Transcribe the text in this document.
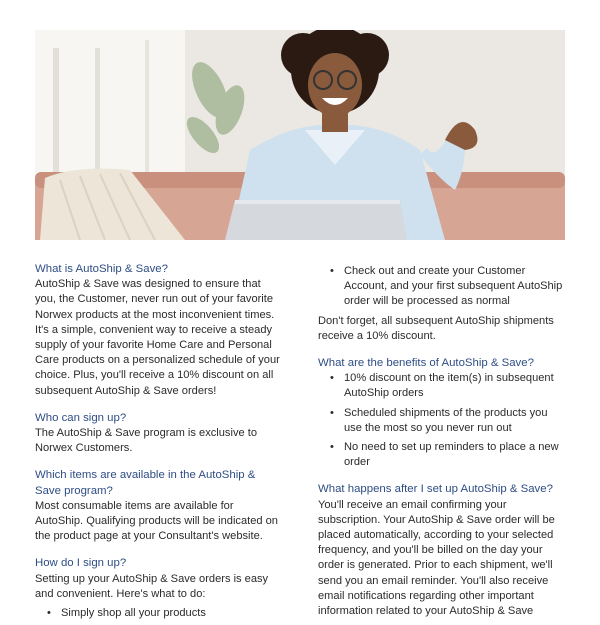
What is AutoShip & Save?

AutoShip & Save was designed to ensure that you, the Customer, never run out of your favorite Norwex products at the most inconvenient times. It's a simple, convenient way to receive a steady supply of your favorite Home Care and Personal Care products on a personalized schedule of your choice. Plus, you'll receive a 10% discount on all subsequent AutoShip & Save orders!

Who can sign up?

The AutoShip & Save program is exclusive to Norwex Customers.

Which items are available in the AutoShip & Save program?

Most consumable items are available for AutoShip. Qualifying products will be indicated on the product page at your Consultant's website.

How do I sign up?

Setting up your AutoShip & Save orders is easy and convenient. Here's what to do:

• Simply shop all your products
• Check out and create your Customer Account, and your first subsequent AutoShip order will be processed as normal

Don't forget, all subsequent AutoShip shipments receive a 10% discount.

What are the benefits of AutoShip & Save?
• 10% discount on the item(s) in subsequent AutoShip orders
• Scheduled shipments of the products you use the most so you never run out
• No need to set up reminders to place a new order
What happens after I set up AutoShip & Save?

You'll receive an email confirming your subscription. Your AutoShip & Save order will be placed automatically, according to your selected frequency, and you'll be billed on the day your order is generated. Prior to each shipment, we'll send you an email reminder. You'll also receive email notifications regarding other important information related to your AutoShip & Save
